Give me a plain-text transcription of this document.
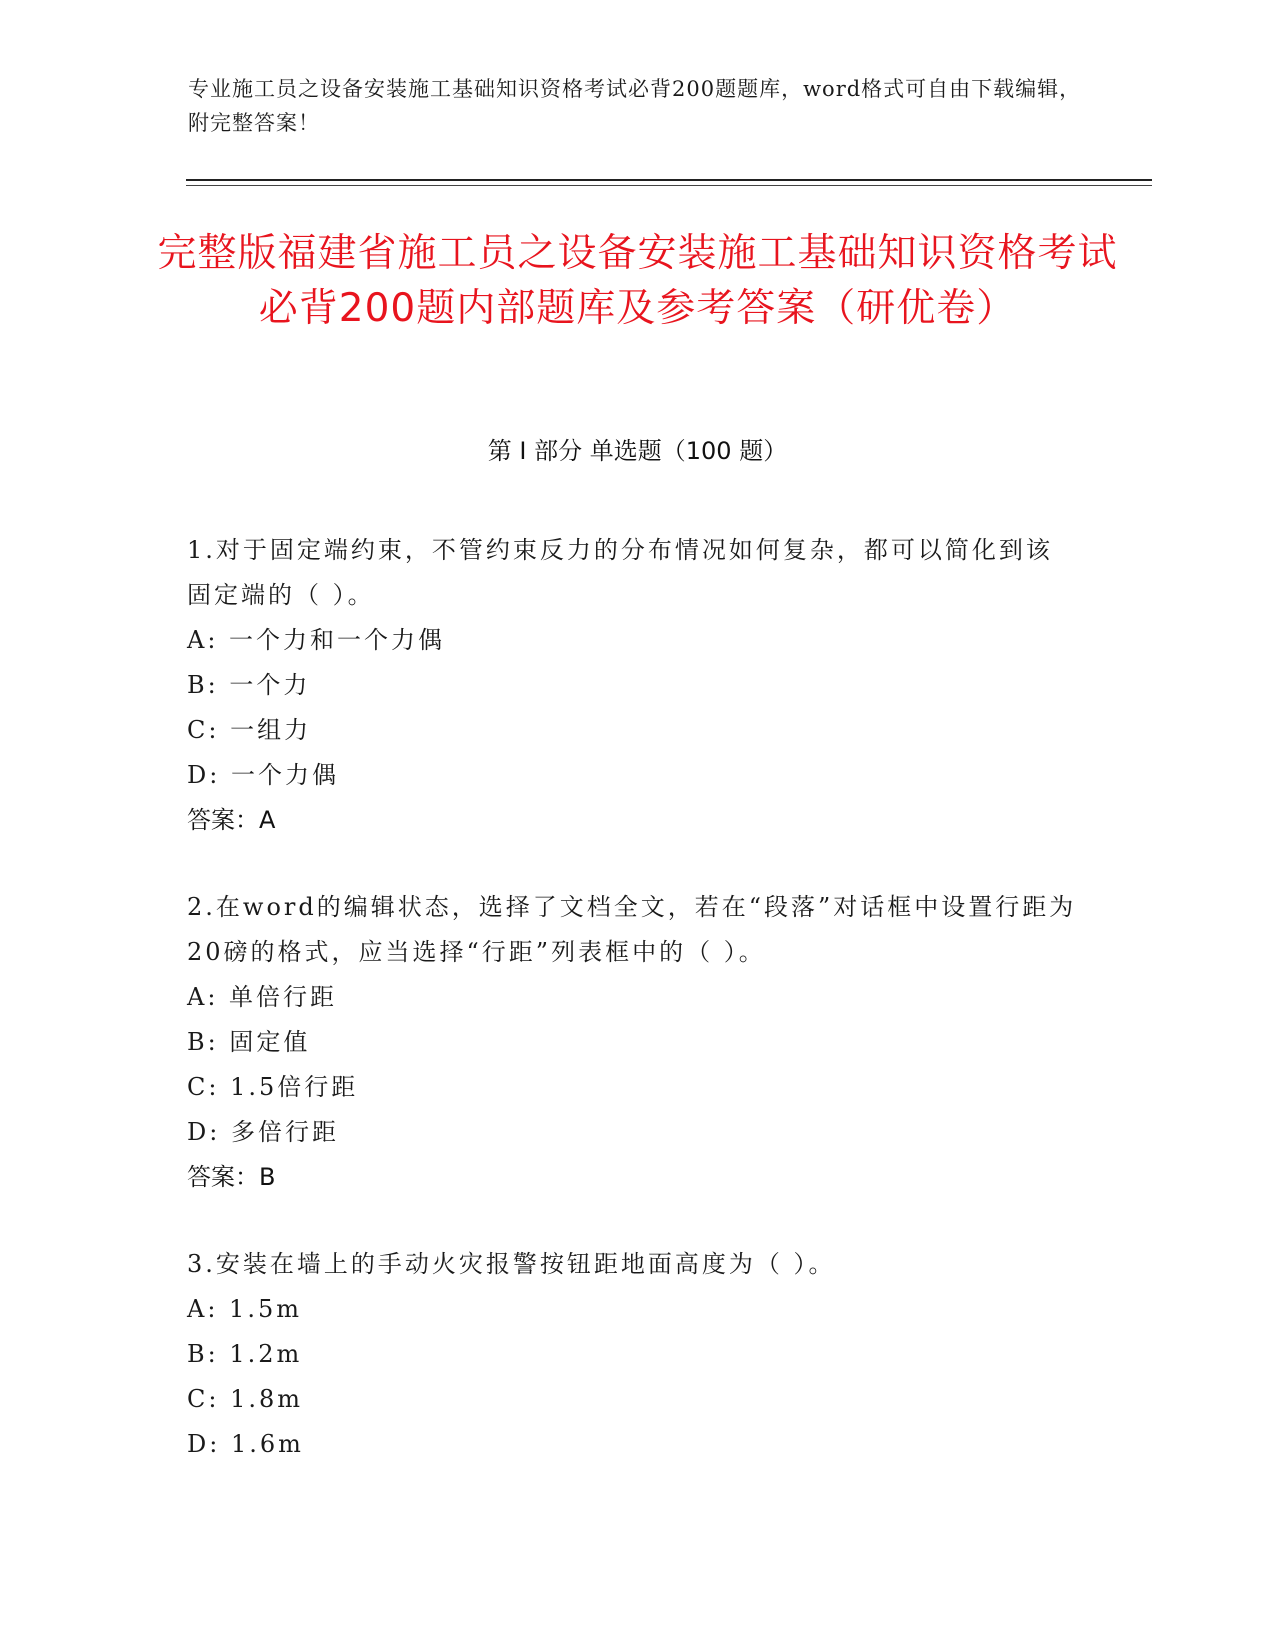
专业施工员之设备安装施工基础知识资格考试必背200题题库，word格式可自由下载编辑，附完整答案！
完整版福建省施工员之设备安装施工基础知识资格考试必背200题内部题库及参考答案（研优卷）
第 I 部分 单选题（100 题）
1.对于固定端约束，不管约束反力的分布情况如何复杂，都可以简化到该固定端的（ ）。
A: 一个力和一个力偶
B: 一个力
C: 一组力
D: 一个力偶
答案：A
2.在word的编辑状态，选择了文档全文，若在“段落”对话框中设置行距为20磅的格式，应当选择“行距”列表框中的（ ）。
A: 单倍行距
B: 固定值
C: 1.5倍行距
D: 多倍行距
答案：B
3.安装在墙上的手动火灾报警按钮距地面高度为（ ）。
A: 1.5m
B: 1.2m
C: 1.8m
D: 1.6m
